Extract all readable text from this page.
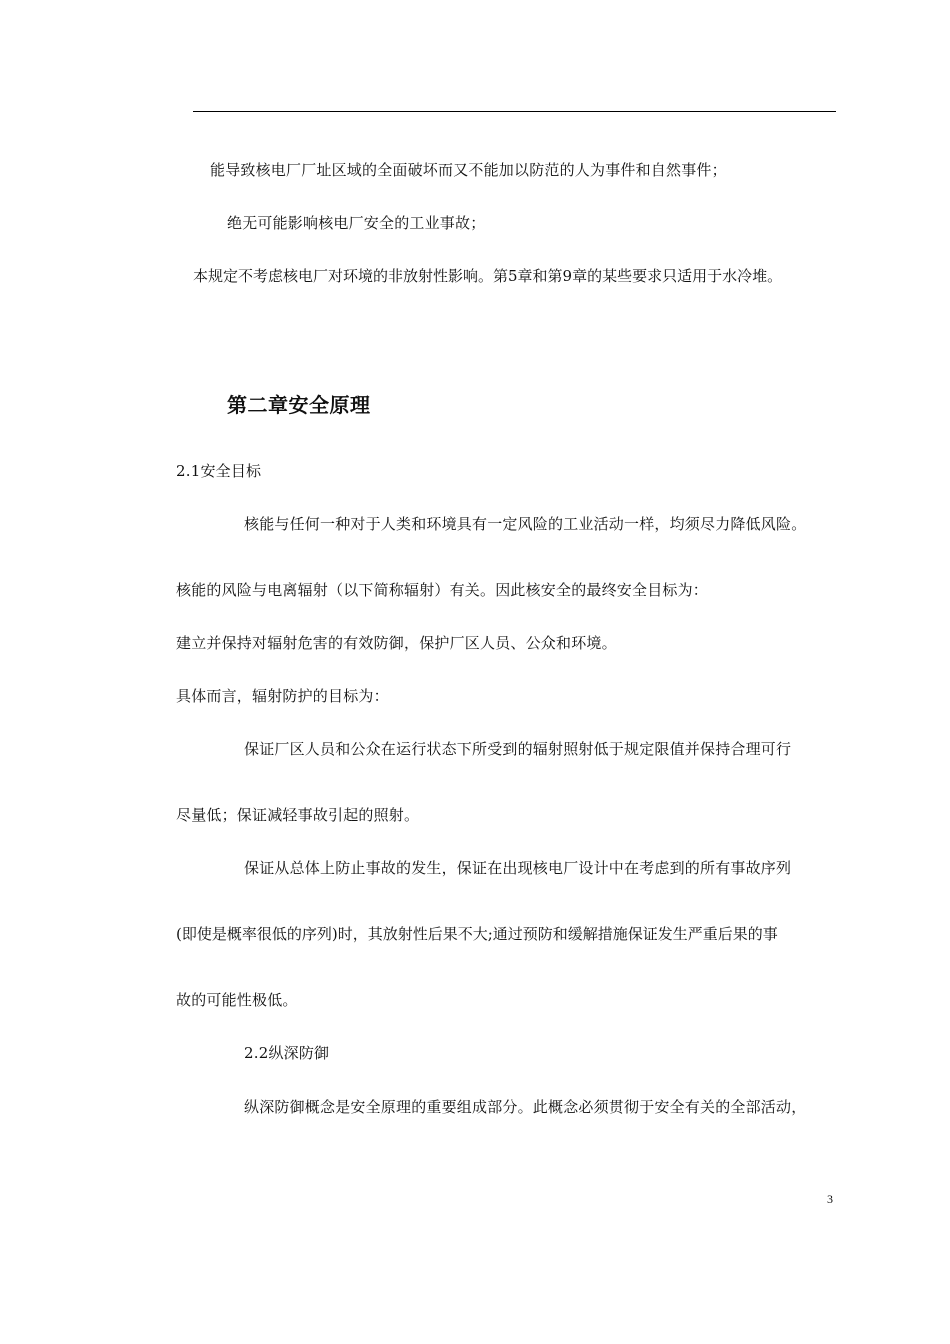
能导致核电厂厂址区域的全面破坏而又不能加以防范的人为事件和自然事件；
绝无可能影响核电厂安全的工业事故；
本规定不考虑核电厂对环境的非放射性影响。第5章和第9章的某些要求只适用于水冷堆。
第二章安全原理
2.1安全目标
核能与任何一种对于人类和环境具有一定风险的工业活动一样，均须尽力降低风险。
核能的风险与电离辐射（以下简称辐射）有关。因此核安全的最终安全目标为：
建立并保持对辐射危害的有效防御，保护厂区人员、公众和环境。
具体而言，辐射防护的目标为：
保证厂区人员和公众在运行状态下所受到的辐射照射低于规定限值并保持合理可行
尽量低；保证减轻事故引起的照射。
保证从总体上防止事故的发生，保证在出现核电厂设计中在考虑到的所有事故序列
(即使是概率很低的序列)时，其放射性后果不大;通过预防和缓解措施保证发生严重后果的事
故的可能性极低。
2.2纵深防御
纵深防御概念是安全原理的重要组成部分。此概念必须贯彻于安全有关的全部活动，
3
